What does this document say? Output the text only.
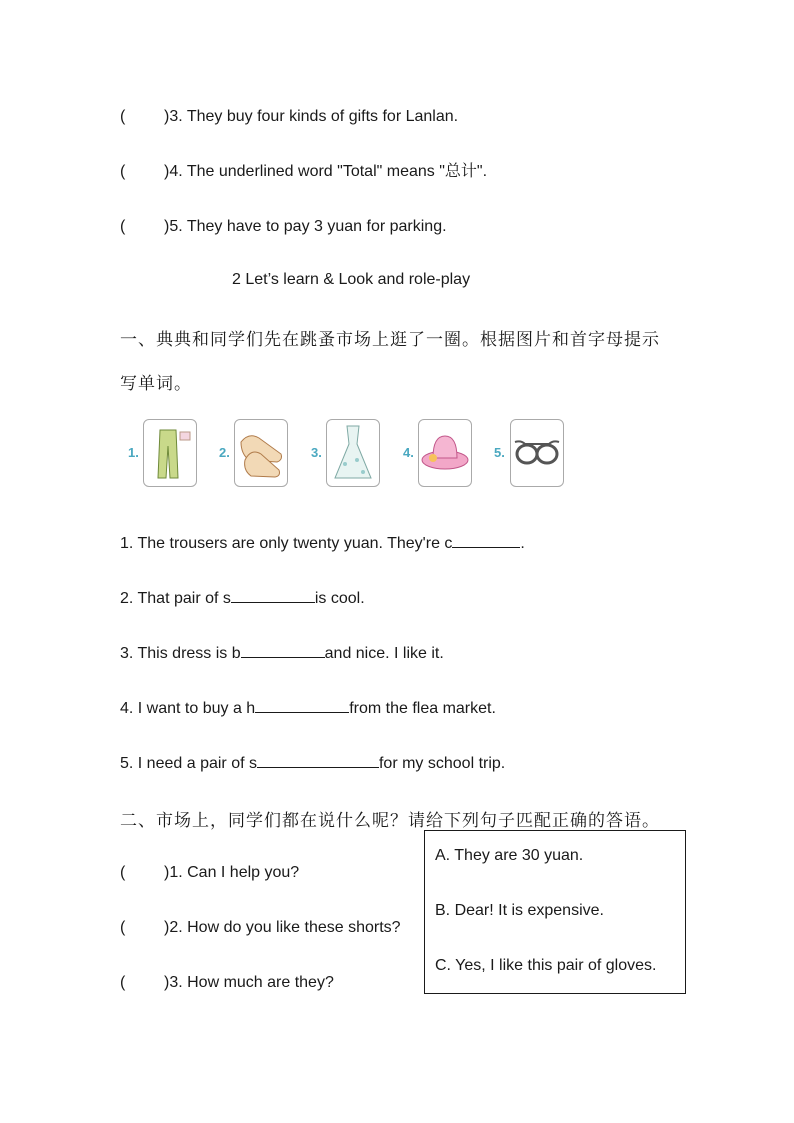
( )3. They buy four kinds of gifts for Lanlan.
( )4. The underlined word "Total" means "总计".
( )5. They have to pay 3 yuan for parking.
2 Let’s learn & Look and role-play
一、典典和同学们先在跳蚤市场上逛了一圈。根据图片和首字母提示
写单词。
1.	2.	3.	4.	5.
1. The trousers are only twenty yuan. They're c	.
2. That pair of s	is cool.
3. This dress is b	and nice. I like it.
4. I want to buy a h	from the flea market.
5. I need a pair of s	for my school trip.
二、市场上，同学们都在说什么呢？请给下列句子匹配正确的答语。
( )1. Can I help you?
( )2. How do you like these shorts?
( )3. How much are they?
A. They are 30 yuan.
B. Dear! It is expensive.
C. Yes, I like this pair of gloves.
